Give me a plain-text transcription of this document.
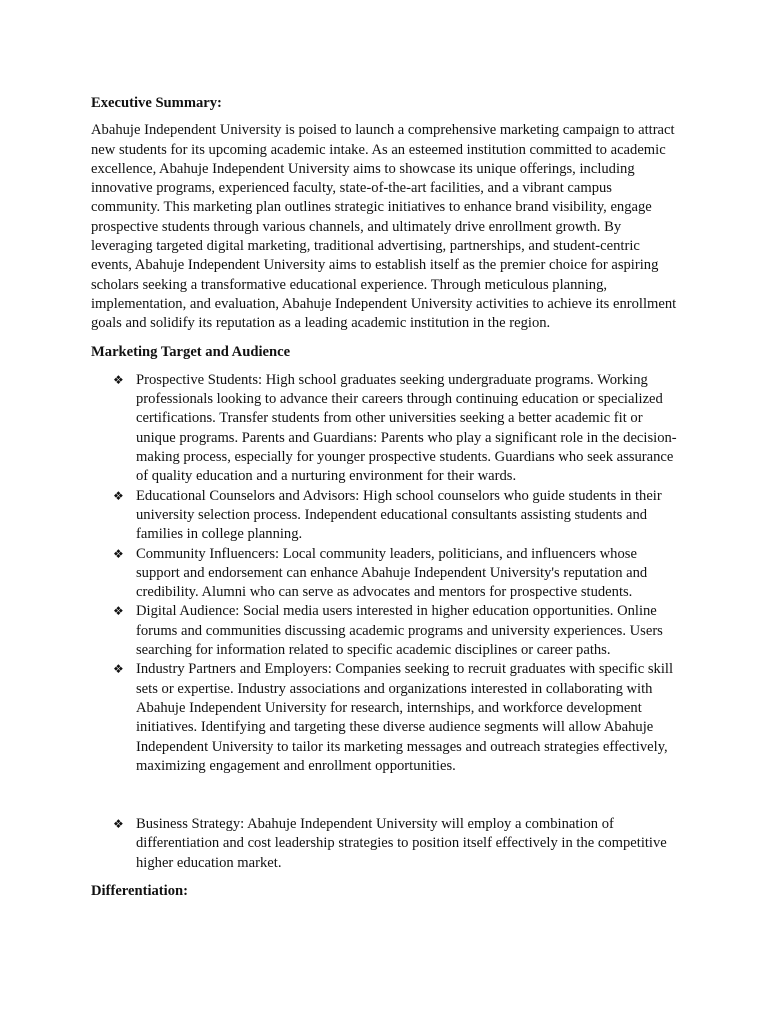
Executive Summary:

Abahuje Independent University is poised to launch a comprehensive marketing campaign to attract new students for its upcoming academic intake. As an esteemed institution committed to academic excellence, Abahuje Independent University aims to showcase its unique offerings, including innovative programs, experienced faculty, state-of-the-art facilities, and a vibrant campus community. This marketing plan outlines strategic initiatives to enhance brand visibility, engage prospective students through various channels, and ultimately drive enrollment growth. By leveraging targeted digital marketing, traditional advertising, partnerships, and student-centric events, Abahuje Independent University aims to establish itself as the premier choice for aspiring scholars seeking a transformative educational experience. Through meticulous planning, implementation, and evaluation, Abahuje Independent University activities to achieve its enrollment goals and solidify its reputation as a leading academic institution in the region.

Marketing Target and Audience

❖ Prospective Students: High school graduates seeking undergraduate programs. Working professionals looking to advance their careers through continuing education or specialized certifications. Transfer students from other universities seeking a better academic fit or unique programs. Parents and Guardians: Parents who play a significant role in the decision-making process, especially for younger prospective students. Guardians who seek assurance of quality education and a nurturing environment for their wards.
❖ Educational Counselors and Advisors: High school counselors who guide students in their university selection process. Independent educational consultants assisting students and families in college planning.
❖ Community Influencers: Local community leaders, politicians, and influencers whose support and endorsement can enhance Abahuje Independent University's reputation and credibility. Alumni who can serve as advocates and mentors for prospective students.
❖ Digital Audience: Social media users interested in higher education opportunities. Online forums and communities discussing academic programs and university experiences. Users searching for information related to specific academic disciplines or career paths.
❖ Industry Partners and Employers: Companies seeking to recruit graduates with specific skill sets or expertise. Industry associations and organizations interested in collaborating with Abahuje Independent University for research, internships, and workforce development initiatives. Identifying and targeting these diverse audience segments will allow Abahuje Independent University to tailor its marketing messages and outreach strategies effectively, maximizing engagement and enrollment opportunities.
❖ Business Strategy: Abahuje Independent University will employ a combination of differentiation and cost leadership strategies to position itself effectively in the competitive higher education market.

Differentiation:
